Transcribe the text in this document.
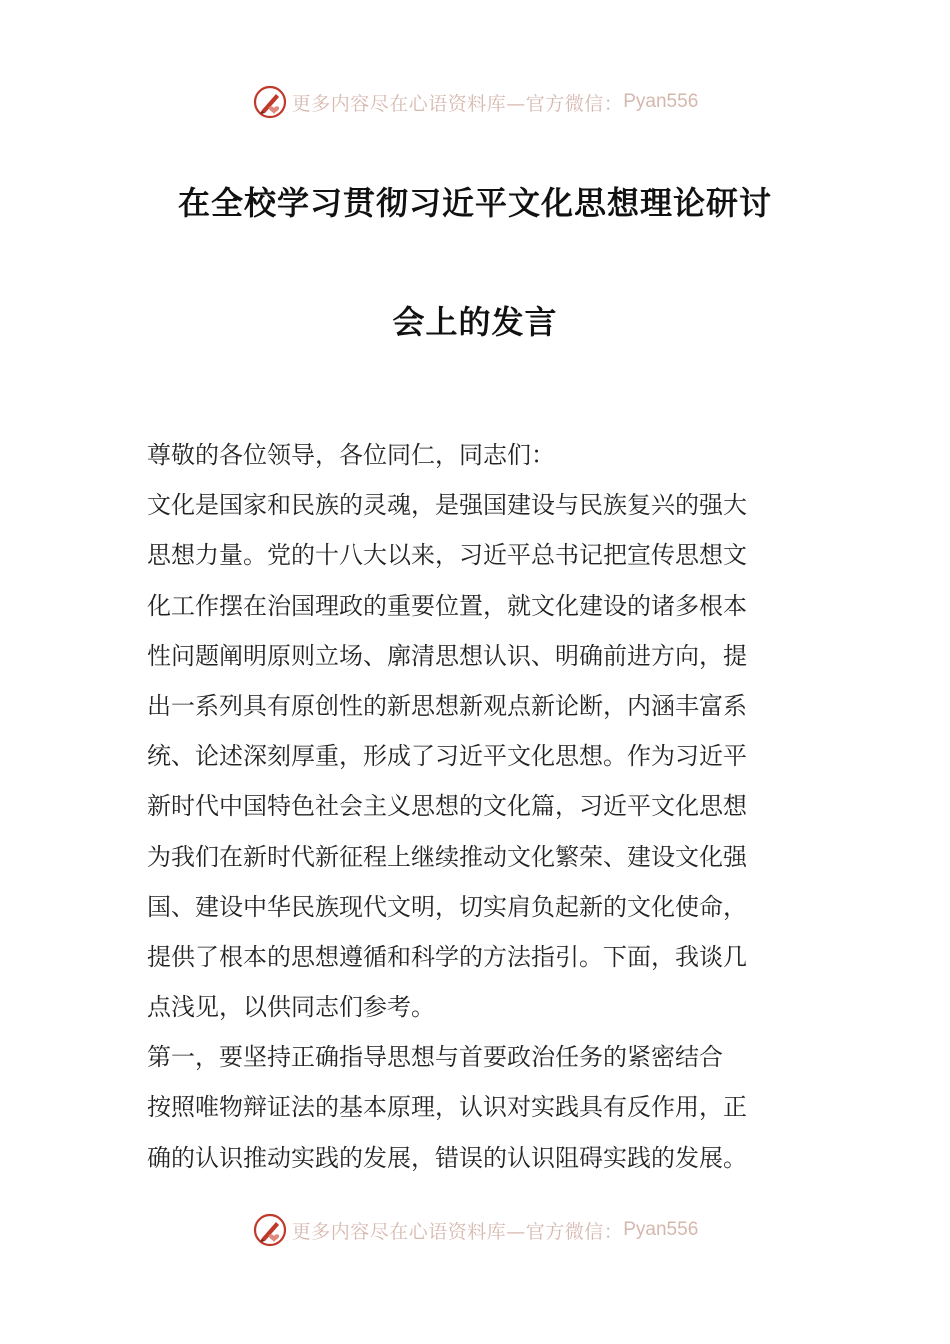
更多内容尽在心语资料库—官方微信： Pyan556
在全校学习贯彻习近平文化思想理论研讨
会上的发言
尊敬的各位领导，各位同仁，同志们：
文化是国家和民族的灵魂，是强国建设与民族复兴的强大
思想力量。党的十八大以来，习近平总书记把宣传思想文
化工作摆在治国理政的重要位置，就文化建设的诸多根本
性问题阐明原则立场、廓清思想认识、明确前进方向，提
出一系列具有原创性的新思想新观点新论断，内涵丰富系
统、论述深刻厚重，形成了习近平文化思想。作为习近平
新时代中国特色社会主义思想的文化篇，习近平文化思想
为我们在新时代新征程上继续推动文化繁荣、建设文化强
国、建设中华民族现代文明，切实肩负起新的文化使命，
提供了根本的思想遵循和科学的方法指引。下面，我谈几
点浅见，以供同志们参考。
第一，要坚持正确指导思想与首要政治任务的紧密结合
按照唯物辩证法的基本原理，认识对实践具有反作用，正
确的认识推动实践的发展，错误的认识阻碍实践的发展。
更多内容尽在心语资料库—官方微信： Pyan556
